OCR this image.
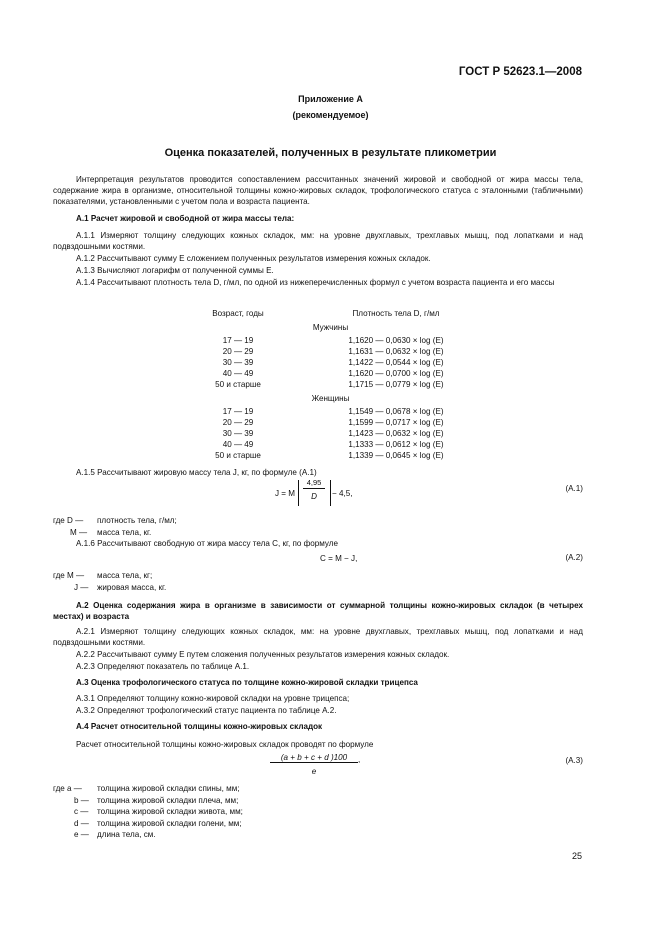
ГОСТ Р 52623.1—2008
Приложение А
(рекомендуемое)
Оценка показателей, полученных в результате пликометрии
Интерпретация результатов проводится сопоставлением рассчитанных значений жировой и свободной от жира массы тела, содержание жира в организме, относительной толщины кожно-жировых складок, трофологического статуса с эталонными (табличными) показателями, установленными с учетом пола и возраста пациента.
А.1 Расчет жировой и свободной от жира массы тела:
А.1.1 Измеряют толщину следующих кожных складок, мм: на уровне двухглавых, трехглавых мышц, под лопатками и над подвздошными костями.
А.1.2 Рассчитывают сумму E сложением полученных результатов измерения кожных складок.
А.1.3 Вычисляют логарифм от полученной суммы E.
А.1.4 Рассчитывают плотность тела D, г/мл, по одной из нижеперечисленных формул с учетом возраста пациента и его массы
Возраст, годы	Плотность тела D, г/мл
Мужчины
17 — 19	1,1620 — 0,0630 × log (E)
20 — 29	1,1631 — 0,0632 × log (E)
30 — 39	1,1422 — 0,0544 × log (E)
40 — 49	1,1620 — 0,0700 × log (E)
50 и старше	1,1715 — 0,0779 × log (E)
Женщины
17 — 19	1,1549 — 0,0678 × log (E)
20 — 29	1,1599 — 0,0717 × log (E)
30 — 39	1,1423 — 0,0632 × log (E)
40 — 49	1,1333 — 0,0612 × log (E)
50 и старше	1,1339 — 0,0645 × log (E)
А.1.5 Рассчитывают жировую массу тела J, кг, по формуле (А.1)
J = M
4,95
D	− 4,5,
(А.1)
где D — плотность тела, г/мл;
M — масса тела, кг.
А.1.6 Рассчитывают свободную от жира массу тела C, кг, по формуле
C = M − J,	(А.2)
где M — масса тела, кг;
J — жировая масса, кг.
А.2 Оценка содержания жира в организме в зависимости от суммарной толщины кожно-жировых складок (в четырех местах) и возраста
А.2.1 Измеряют толщину следующих кожных складок, мм: на уровне двухглавых, трехглавых мышц, под лопатками и над подвздошными костями.
А.2.2 Рассчитывают сумму E путем сложения полученных результатов измерения кожных складок.
А.2.3 Определяют показатель по таблице А.1.
А.3 Оценка трофологического статуса по толщине кожно-жировой складки трицепса
А.3.1 Определяют толщину кожно-жировой складки на уровне трицепса;
А.3.2 Определяют трофологический статус пациента по таблице А.2.
А.4 Расчет относительной толщины кожно-жировых складок
Расчет относительной толщины кожно-жировых складок проводят по формуле
(a + b + c + d )100	,
e
(А.3)
где a — толщина жировой складки спины, мм;
b — толщина жировой складки плеча, мм;
c — толщина жировой складки живота, мм;
d — толщина жировой складки голени, мм;
e — длина тела, см.
25
